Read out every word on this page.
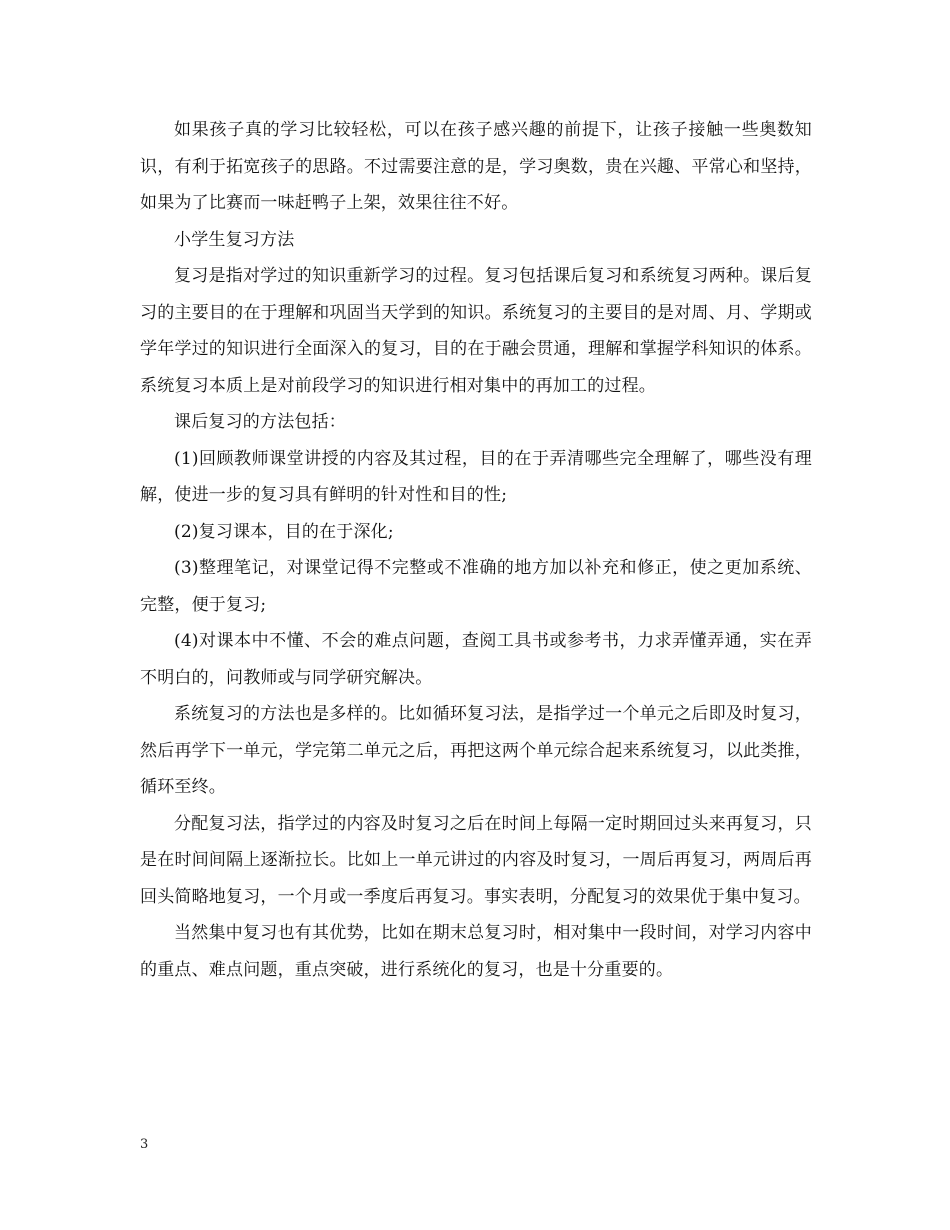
如果孩子真的学习比较轻松，可以在孩子感兴趣的前提下，让孩子接触一些奥数知识，有利于拓宽孩子的思路。不过需要注意的是，学习奥数，贵在兴趣、平常心和坚持，如果为了比赛而一味赶鸭子上架，效果往往不好。

小学生复习方法

复习是指对学过的知识重新学习的过程。复习包括课后复习和系统复习两种。课后复习的主要目的在于理解和巩固当天学到的知识。系统复习的主要目的是对周、月、学期或学年学过的知识进行全面深入的复习，目的在于融会贯通，理解和掌握学科知识的体系。系统复习本质上是对前段学习的知识进行相对集中的再加工的过程。

课后复习的方法包括：

(1)回顾教师课堂讲授的内容及其过程，目的在于弄清哪些完全理解了，哪些没有理解，使进一步的复习具有鲜明的针对性和目的性;

(2)复习课本，目的在于深化;

(3)整理笔记，对课堂记得不完整或不准确的地方加以补充和修正，使之更加系统、完整，便于复习;

(4)对课本中不懂、不会的难点问题，查阅工具书或参考书，力求弄懂弄通，实在弄不明白的，问教师或与同学研究解决。

系统复习的方法也是多样的。比如循环复习法，是指学过一个单元之后即及时复习，然后再学下一单元，学完第二单元之后，再把这两个单元综合起来系统复习，以此类推，循环至终。

分配复习法，指学过的内容及时复习之后在时间上每隔一定时期回过头来再复习，只是在时间间隔上逐渐拉长。比如上一单元讲过的内容及时复习，一周后再复习，两周后再回头简略地复习，一个月或一季度后再复习。事实表明，分配复习的效果优于集中复习。

当然集中复习也有其优势，比如在期末总复习时，相对集中一段时间，对学习内容中的重点、难点问题，重点突破，进行系统化的复习，也是十分重要的。

3
